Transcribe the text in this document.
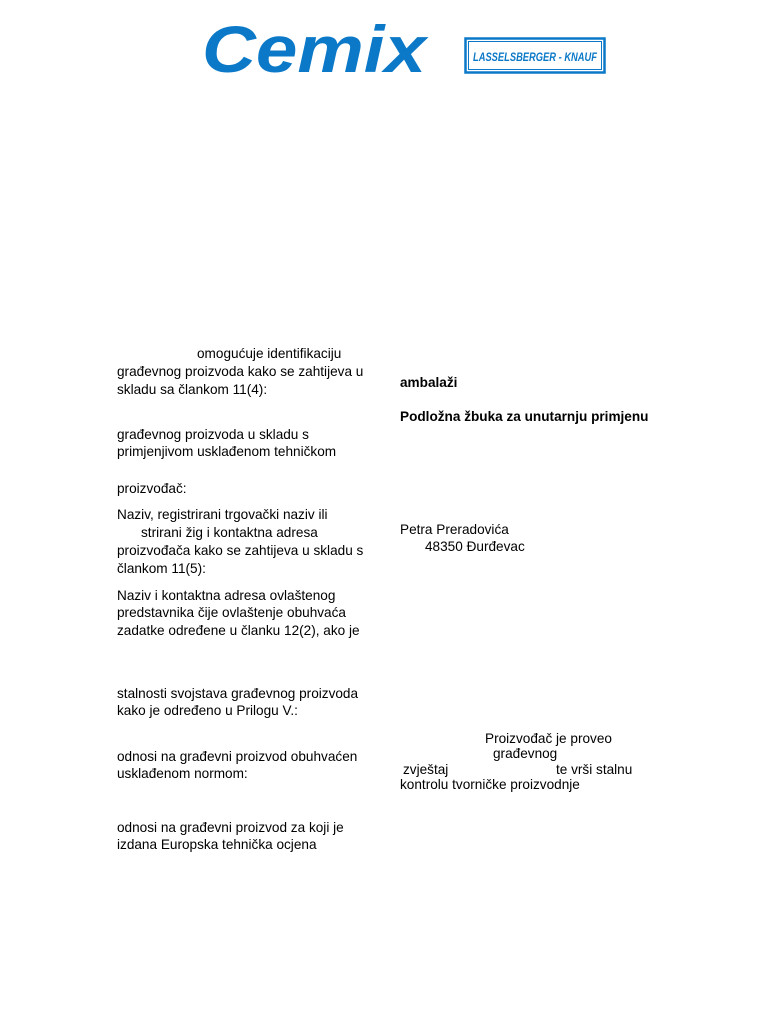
Cemix	LASSELSBERGER - KNAUF
omogućuje identifikaciju
građevnog proizvoda kako se zahtijeva u
skladu sa člankom 11(4):
građevnog proizvoda u skladu s
primjenjivom usklađenom tehničkom
proizvođač:
Naziv, registrirani trgovački naziv ili
strirani žig i kontaktna adresa
proizvođača kako se zahtijeva u skladu s
člankom 11(5):
Naziv i kontaktna adresa ovlaštenog
predstavnika čije ovlaštenje obuhvaća
zadatke određene u članku 12(2), ako je
stalnosti svojstava građevnog proizvoda
kako je određeno u Prilogu V.:
odnosi na građevni proizvod obuhvaćen
usklađenom normom:
odnosi na građevni proizvod za koji je
izdana Europska tehnička ocjena
ambalaži
Podložna žbuka za unutarnju primjenu
Petra Preradovića
48350 Đurđevac
Proizvođač je proveo
građevnog
zvještaj	te vrši stalnu
kontrolu tvorničke proizvodnje
